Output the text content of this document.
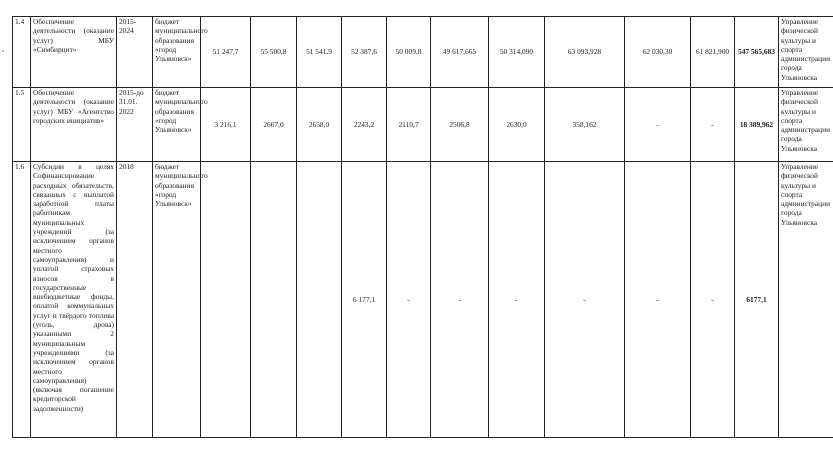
1.4	Обеспечение деятельности (оказание услуг) МБУ «Симбирцит»	2015-2024	бюджет муниципального образования «город Ульяновск»	51 247,7	55 500,8	51 541,9	52 387,6	50 009,8	49 617,665	50 314,090	63 093,928	62 030,30	61 821,900	547 565,683	Управление физической культуры и спорта администрации города Ульяновска
1.5	Обеспечение деятельности (оказание услуг) МБУ «Агентство городских инициатив»	2015-до 31.01. 2022	бюджет муниципального образования «город Ульяновск»	3 216,1	2667,0	2658,0	2243,2	2110,7	2506,8	2630,0	358,162	-	-	18 389,962	Управление физической культуры и спорта администрации города Ульяновска
1.6	Субсидии в целях Софинансирование расходных обязательств, связанных с выплатой заработной платы работникам муниципальных учреждений (за исключением органов местного самоуправления) и уплатой страховых взносов в государственные внебюджетные фонды, оплатой коммунальных услуг и твёрдого топлива (уголь, дрова) указанными 2 муниципальным учреждениями (за исключением органов местного самоуправления) (включая погашение кредиторской задолженности)	2018	бюджет муниципального образования «город Ульяновск»				6 177,1	-	-	-	-	-	-	6177,1	Управление физической культуры и спорта администрации города Ульяновска
